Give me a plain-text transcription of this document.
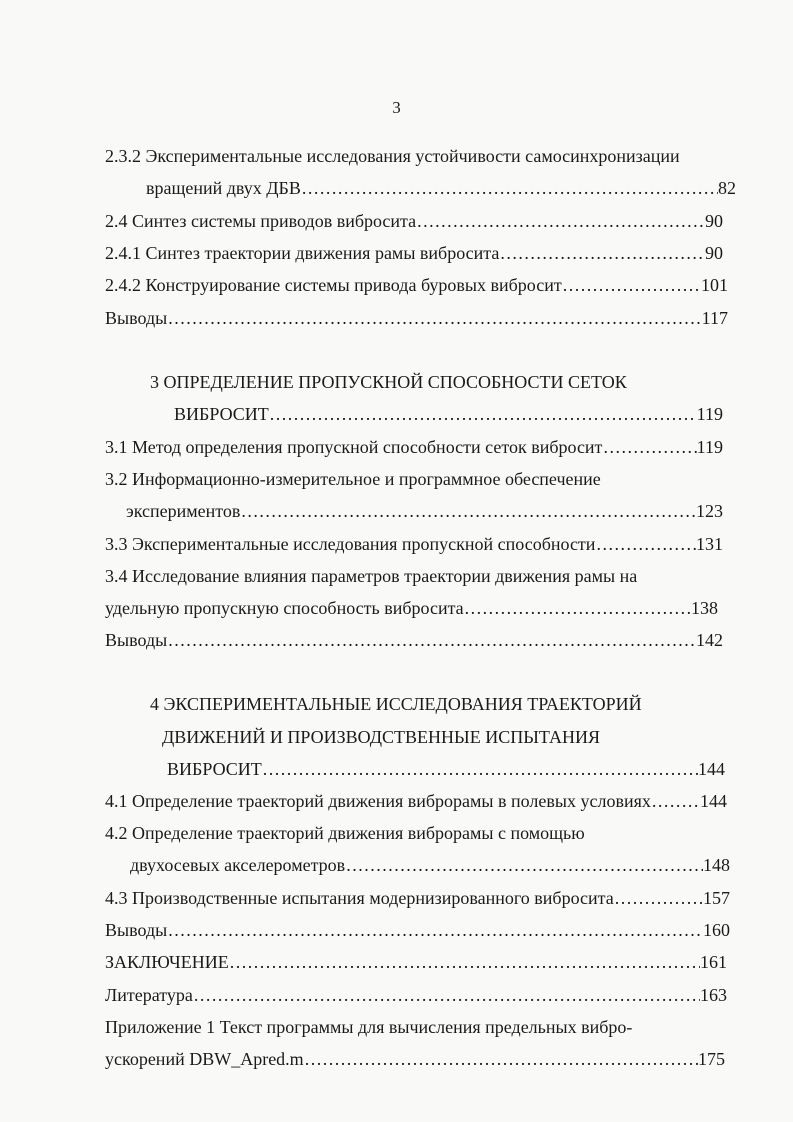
3
2.3.2 Экспериментальные исследования устойчивости самосинхронизации
вращений двух ДБВ .....	82
2.4 Синтез системы приводов вибросита .....	90
2.4.1 Синтез траектории движения рамы вибросита .....	90
2.4.2 Конструирование системы привода буровых вибросит .....	101
Выводы .....	117
3 ОПРЕДЕЛЕНИЕ ПРОПУСКНОЙ СПОСОБНОСТИ СЕТОК
ВИБРОСИТ .....	119
3.1 Метод определения пропускной способности сеток вибросит .....	119
3.2 Информационно-измерительное и программное обеспечение
экспериментов .....	123
3.3 Экспериментальные исследования пропускной способности .....	131
3.4 Исследование влияния параметров траектории движения рамы на
удельную пропускную способность вибросита .....	138
Выводы .....	142
4 ЭКСПЕРИМЕНТАЛЬНЫЕ ИССЛЕДОВАНИЯ ТРАЕКТОРИЙ
ДВИЖЕНИЙ И ПРОИЗВОДСТВЕННЫЕ ИСПЫТАНИЯ
ВИБРОСИТ .....	144
4.1 Определение траекторий движения виброрамы в полевых условиях .....	144
4.2 Определение траекторий движения виброрамы с помощью
двухосевых акселерометров .....	148
4.3 Производственные испытания модернизированного вибросита .....	157
Выводы .....	160
ЗАКЛЮЧЕНИЕ .....	161
Литература .....	163
Приложение 1 Текст программы для вычисления предельных вибро-
ускорений DBW_Apred.m .....	175
